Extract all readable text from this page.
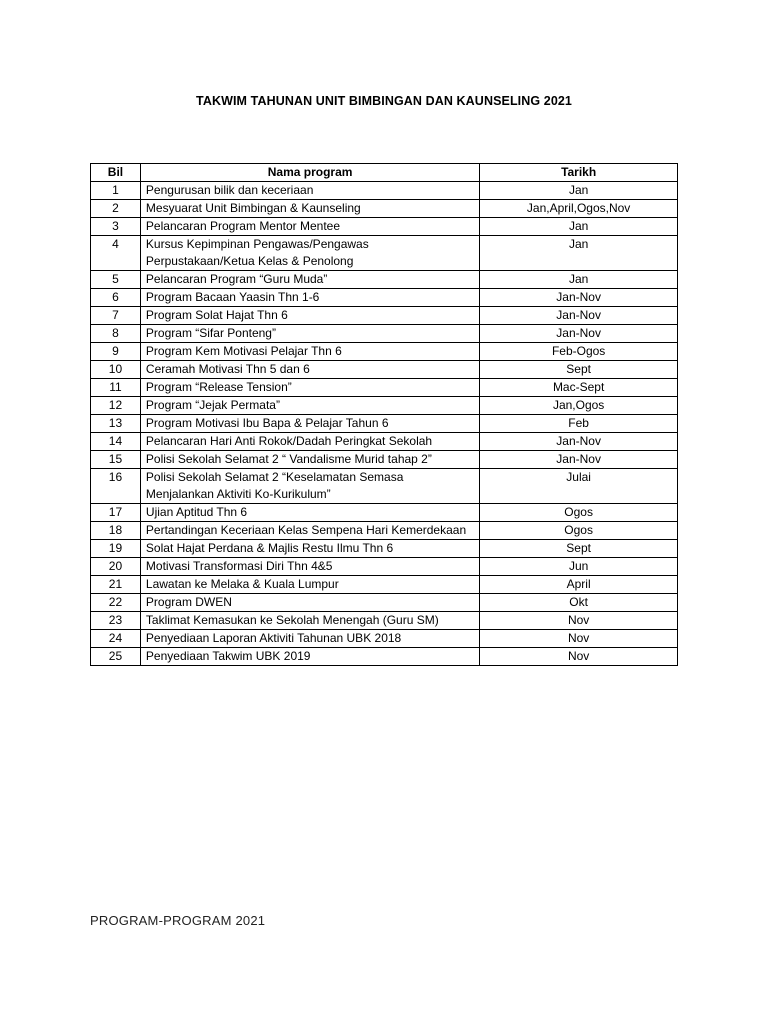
TAKWIM TAHUNAN UNIT BIMBINGAN DAN KAUNSELING 2021
Bil	Nama program	Tarikh
1	Pengurusan bilik dan keceriaan	Jan
2	Mesyuarat Unit Bimbingan & Kaunseling	Jan,April,Ogos,Nov
3	Pelancaran Program Mentor Mentee	Jan
4	Kursus Kepimpinan Pengawas/Pengawas Perpustakaan/Ketua Kelas & Penolong	Jan
5	Pelancaran Program “Guru Muda”	Jan
6	Program Bacaan Yaasin Thn 1-6	Jan-Nov
7	Program Solat Hajat Thn 6	Jan-Nov
8	Program “Sifar Ponteng”	Jan-Nov
9	Program Kem Motivasi Pelajar Thn 6	Feb-Ogos
10	Ceramah Motivasi Thn 5 dan 6	Sept
11	Program “Release Tension”	Mac-Sept
12	Program “Jejak Permata”	Jan,Ogos
13	Program Motivasi Ibu Bapa & Pelajar Tahun 6	Feb
14	Pelancaran Hari Anti Rokok/Dadah Peringkat Sekolah	Jan-Nov
15	Polisi Sekolah Selamat 2 “ Vandalisme Murid tahap 2”	Jan-Nov
16	Polisi Sekolah Selamat 2 “Keselamatan Semasa Menjalankan Aktiviti Ko-Kurikulum”	Julai
17	Ujian Aptitud Thn 6	Ogos
18	Pertandingan Keceriaan Kelas Sempena Hari Kemerdekaan	Ogos
19	Solat Hajat Perdana & Majlis Restu Ilmu Thn 6	Sept
20	Motivasi Transformasi Diri Thn 4&5	Jun
21	Lawatan ke Melaka & Kuala Lumpur	April
22	Program DWEN	Okt
23	Taklimat Kemasukan ke Sekolah Menengah (Guru SM)	Nov
24	Penyediaan Laporan Aktiviti Tahunan UBK 2018	Nov
25	Penyediaan Takwim UBK 2019	Nov
PROGRAM-PROGRAM 2021
